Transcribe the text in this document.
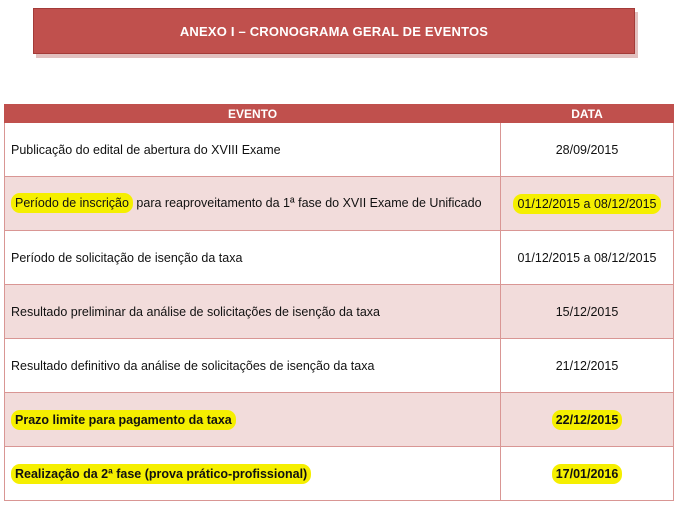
ANEXO I – CRONOGRAMA GERAL DE EVENTOS
EVENTO	DATA
Publicação do edital de abertura do XVIII Exame	28/09/2015

Período de inscrição para reaproveitamento da 1ª fase do XVII Exame de Unificado	01/12/2015 a 08/12/2015
Período de solicitação de isenção da taxa	01/12/2015 a 08/12/2015
Resultado preliminar da análise de solicitações de isenção da taxa	15/12/2015
Resultado definitivo da análise de solicitações de isenção da taxa	21/12/2015
Prazo limite para pagamento da taxa	22/12/2015
Realização da 2ª fase (prova prático-profissional)	17/01/2016
